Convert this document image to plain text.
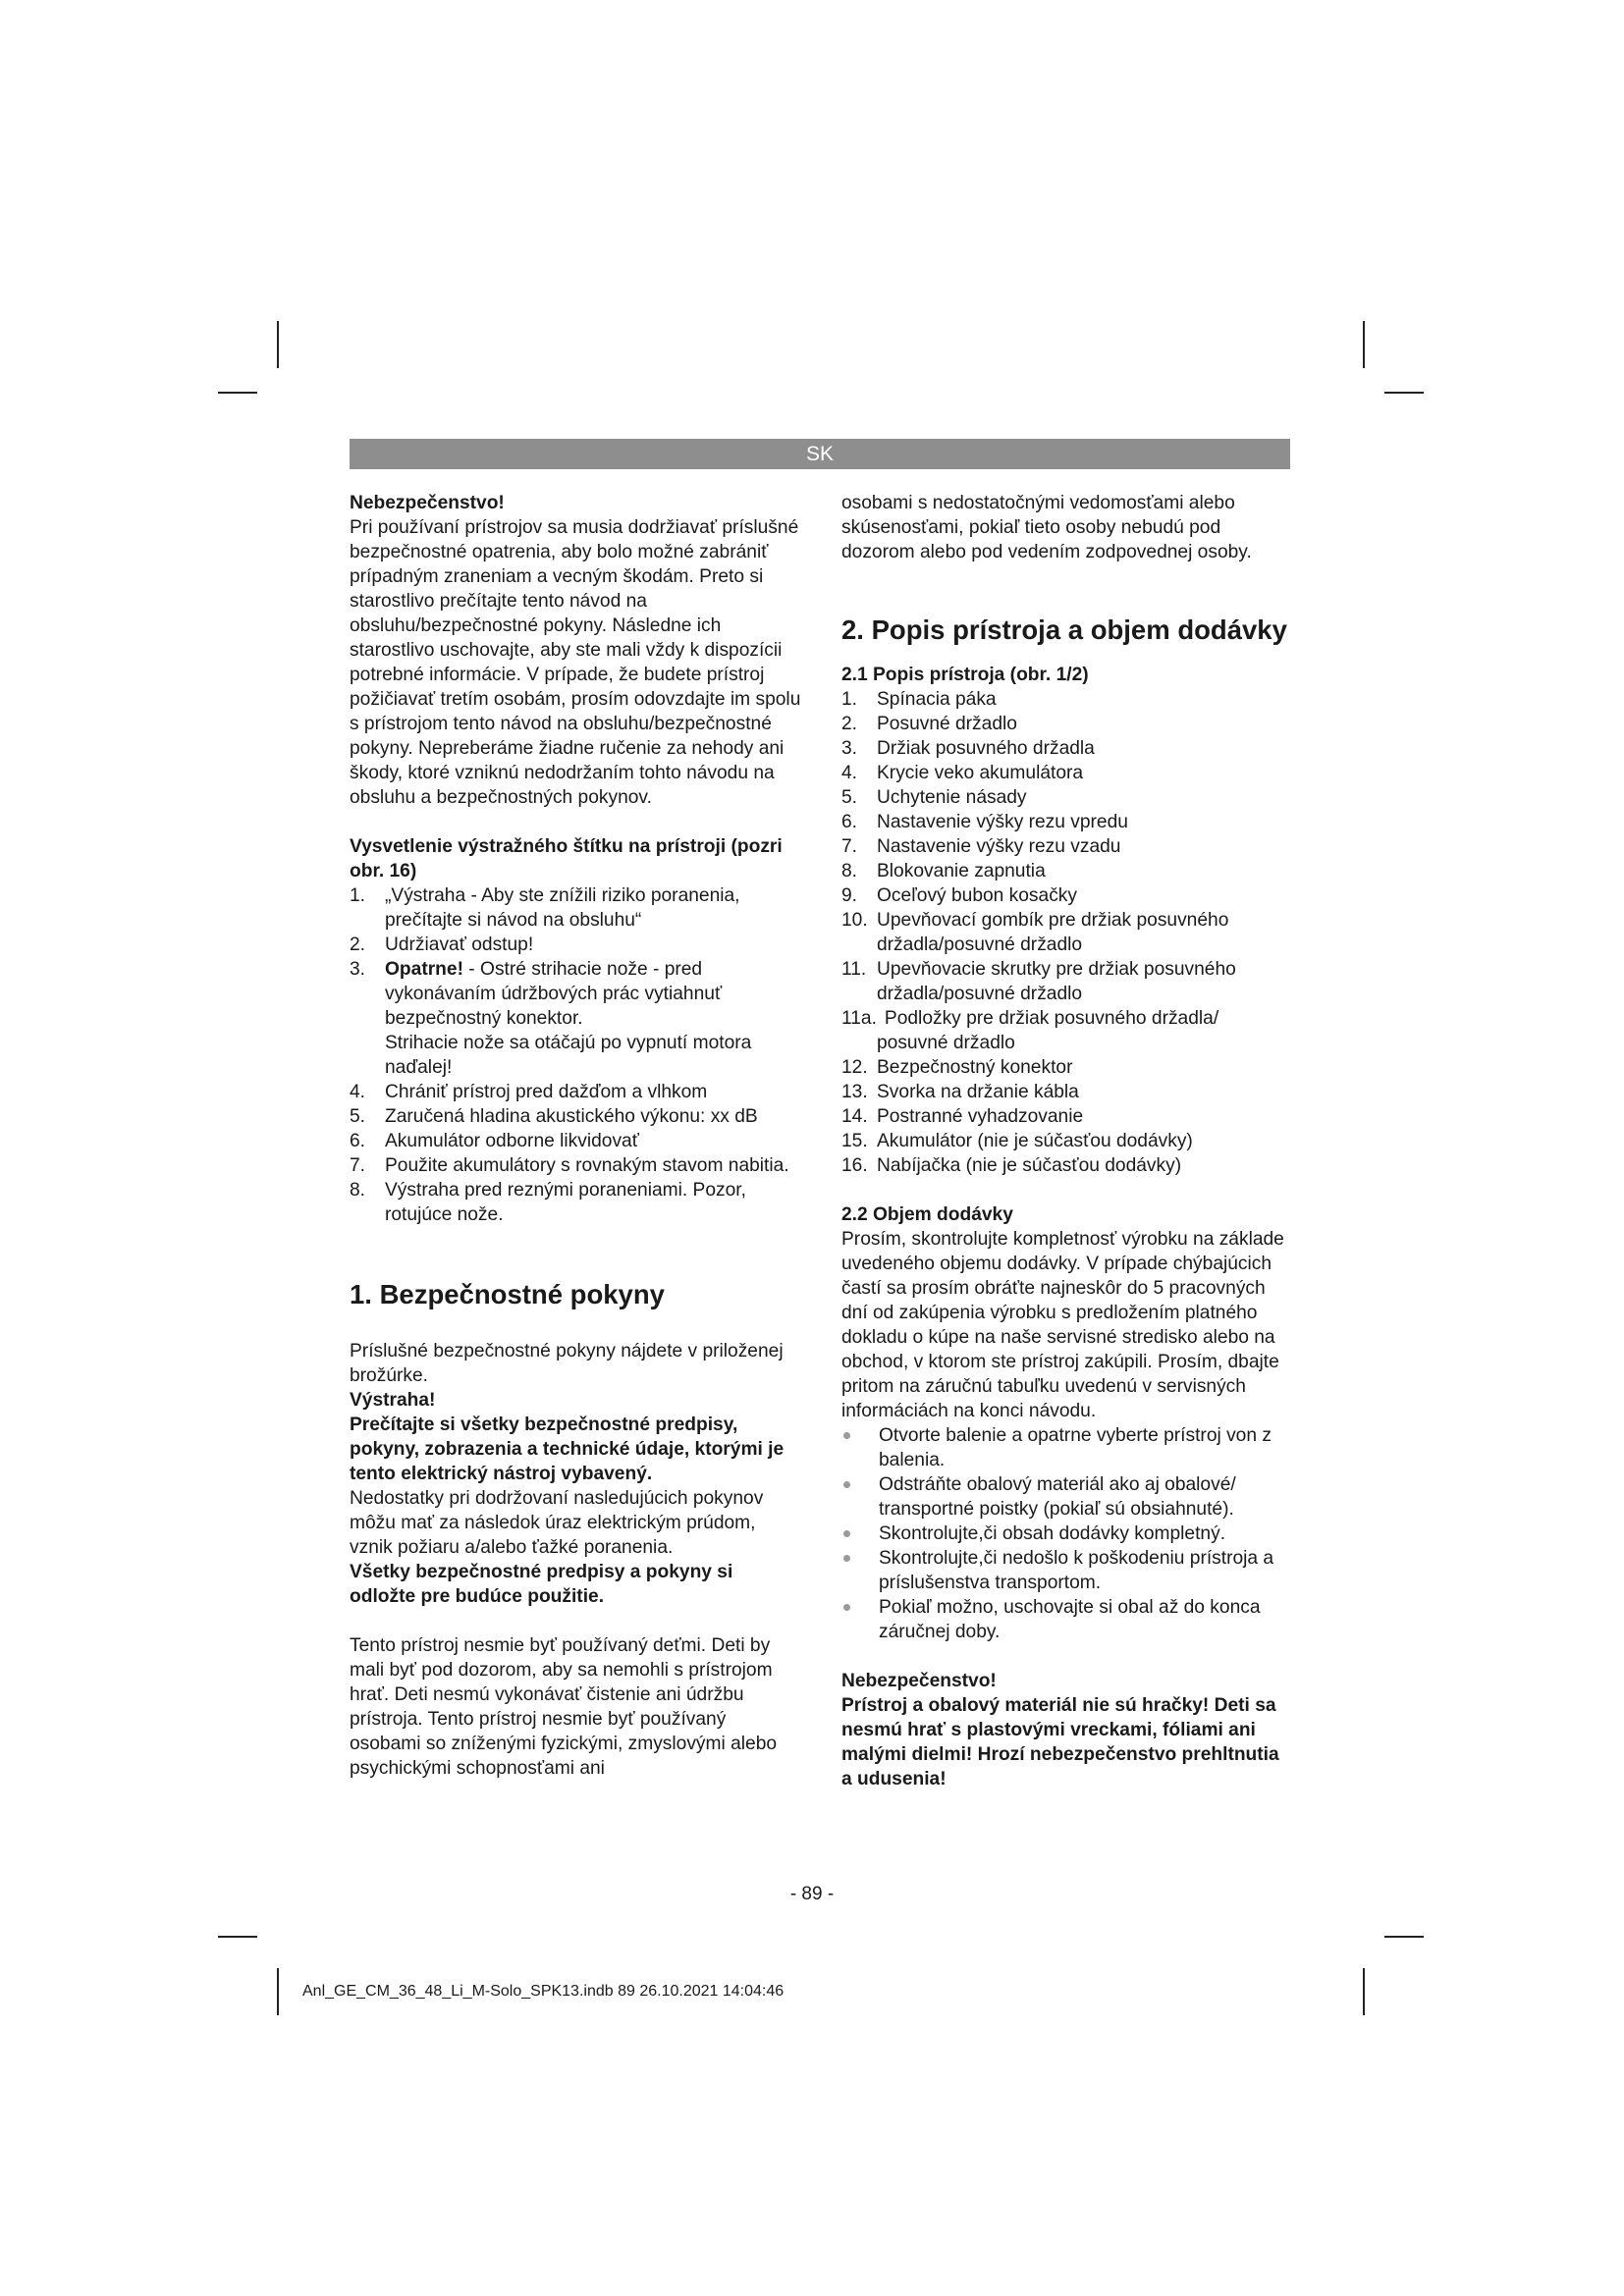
SK

Nebezpečenstvo!

Pri používaní prístrojov sa musia dodržiavať príslušné bezpečnostné opatrenia, aby bolo možné zabrániť prípadným zraneniam a vecným škodám. Preto si starostlivo prečítajte tento návod na obsluhu/bezpečnostné pokyny. Následne ich starostlivo uschovajte, aby ste mali vždy k dispozícii potrebné informácie. V prípade, že budete prístroj požičiavať tretím osobám, prosím odovzdajte im spolu s prístrojom tento návod na obsluhu/bezpečnostné pokyny. Nepreberáme žiadne ručenie za nehody ani škody, ktoré vzniknú nedodržaním tohto návodu na obsluhu a bezpečnostných pokynov.

Vysvetlenie výstražného štítku na prístroji (pozri obr. 16)

1. „Výstraha - Aby ste znížili riziko poranenia, prečítajte si návod na obsluhu“
2. Udržiavať odstup!
3. Opatrne! - Ostré strihacie nože - pred vykonávaním údržbových prác vytiahnuť bezpečnostný konektor.
Strihacie nože sa otáčajú po vypnutí motora naďalej!
4. Chrániť prístroj pred dažďom a vlhkom
5. Zaručená hladina akustického výkonu: xx dB
6. Akumulátor odborne likvidovať
7. Použite akumulátory s rovnakým stavom nabitia.
8. Výstraha pred reznými poraneniami. Pozor, rotujúce nože.

1. Bezpečnostné pokyny

Príslušné bezpečnostné pokyny nájdete v priloženej brožúrke.

Výstraha!

Prečítajte si všetky bezpečnostné predpisy, pokyny, zobrazenia a technické údaje, ktorými je tento elektrický nástroj vybavený.

Nedostatky pri dodržovaní nasledujúcich pokynov môžu mať za následok úraz elektrickým prúdom, vznik požiaru a/alebo ťažké poranenia.

Všetky bezpečnostné predpisy a pokyny si odložte pre budúce použitie.

Tento prístroj nesmie byť používaný deťmi. Deti by mali byť pod dozorom, aby sa nemohli s prístrojom hrať. Deti nesmú vykonávať čistenie ani údržbu prístroja. Tento prístroj nesmie byť používaný osobami so zníženými fyzickými, zmyslovými alebo psychickými schopnosťami ani

osobami s nedostatočnými vedomosťami alebo skúsenosťami, pokiaľ tieto osoby nebudú pod dozorom alebo pod vedením zodpovednej osoby.

2. Popis prístroja a objem dodávky

2.1 Popis prístroja (obr. 1/2)

1. Spínacia páka
2. Posuvné držadlo
3. Držiak posuvného držadla
4. Krycie veko akumulátora
5. Uchytenie násady
6. Nastavenie výšky rezu vpredu
7. Nastavenie výšky rezu vzadu
8. Blokovanie zapnutia
9. Oceľový bubon kosačky
10. Upevňovací gombík pre držiak posuvného držadla/posuvné držadlo
11. Upevňovacie skrutky pre držiak posuvného držadla/posuvné držadlo
11a. Podložky pre držiak posuvného držadla/ posuvné držadlo
12. Bezpečnostný konektor
13. Svorka na držanie kábla
14. Postranné vyhadzovanie
15. Akumulátor (nie je súčasťou dodávky)
16. Nabíjačka (nie je súčasťou dodávky)

2.2 Objem dodávky

Prosím, skontrolujte kompletnosť výrobku na základe uvedeného objemu dodávky. V prípade chýbajúcich častí sa prosím obráťte najneskôr do 5 pracovných dní od zakúpenia výrobku s predložením platného dokladu o kúpe na naše servisné stredisko alebo na obchod, v ktorom ste prístroj zakúpili. Prosím, dbajte pritom na záručnú tabuľku uvedenú v servisných informáciách na konci návodu.

Otvorte balenie a opatrne vyberte prístroj von z balenia.
Odstráňte obalový materiál ako aj obalové/ transportné poistky (pokiaľ sú obsiahnuté).
Skontrolujte,či obsah dodávky kompletný.
Skontrolujte,či nedošlo k poškodeniu prístroja a príslušenstva transportom.
Pokiaľ možno, uschovajte si obal až do konca záručnej doby.

Nebezpečenstvo!

Prístroj a obalový materiál nie sú hračky! Deti sa nesmú hrať s plastovými vreckami, fóliami ani malými dielmi! Hrozí nebezpečenstvo prehltnutia a udusenia!

- 89 -
Anl_GE_CM_36_48_Li_M-Solo_SPK13.indb 89 26.10.2021 14:04:46
